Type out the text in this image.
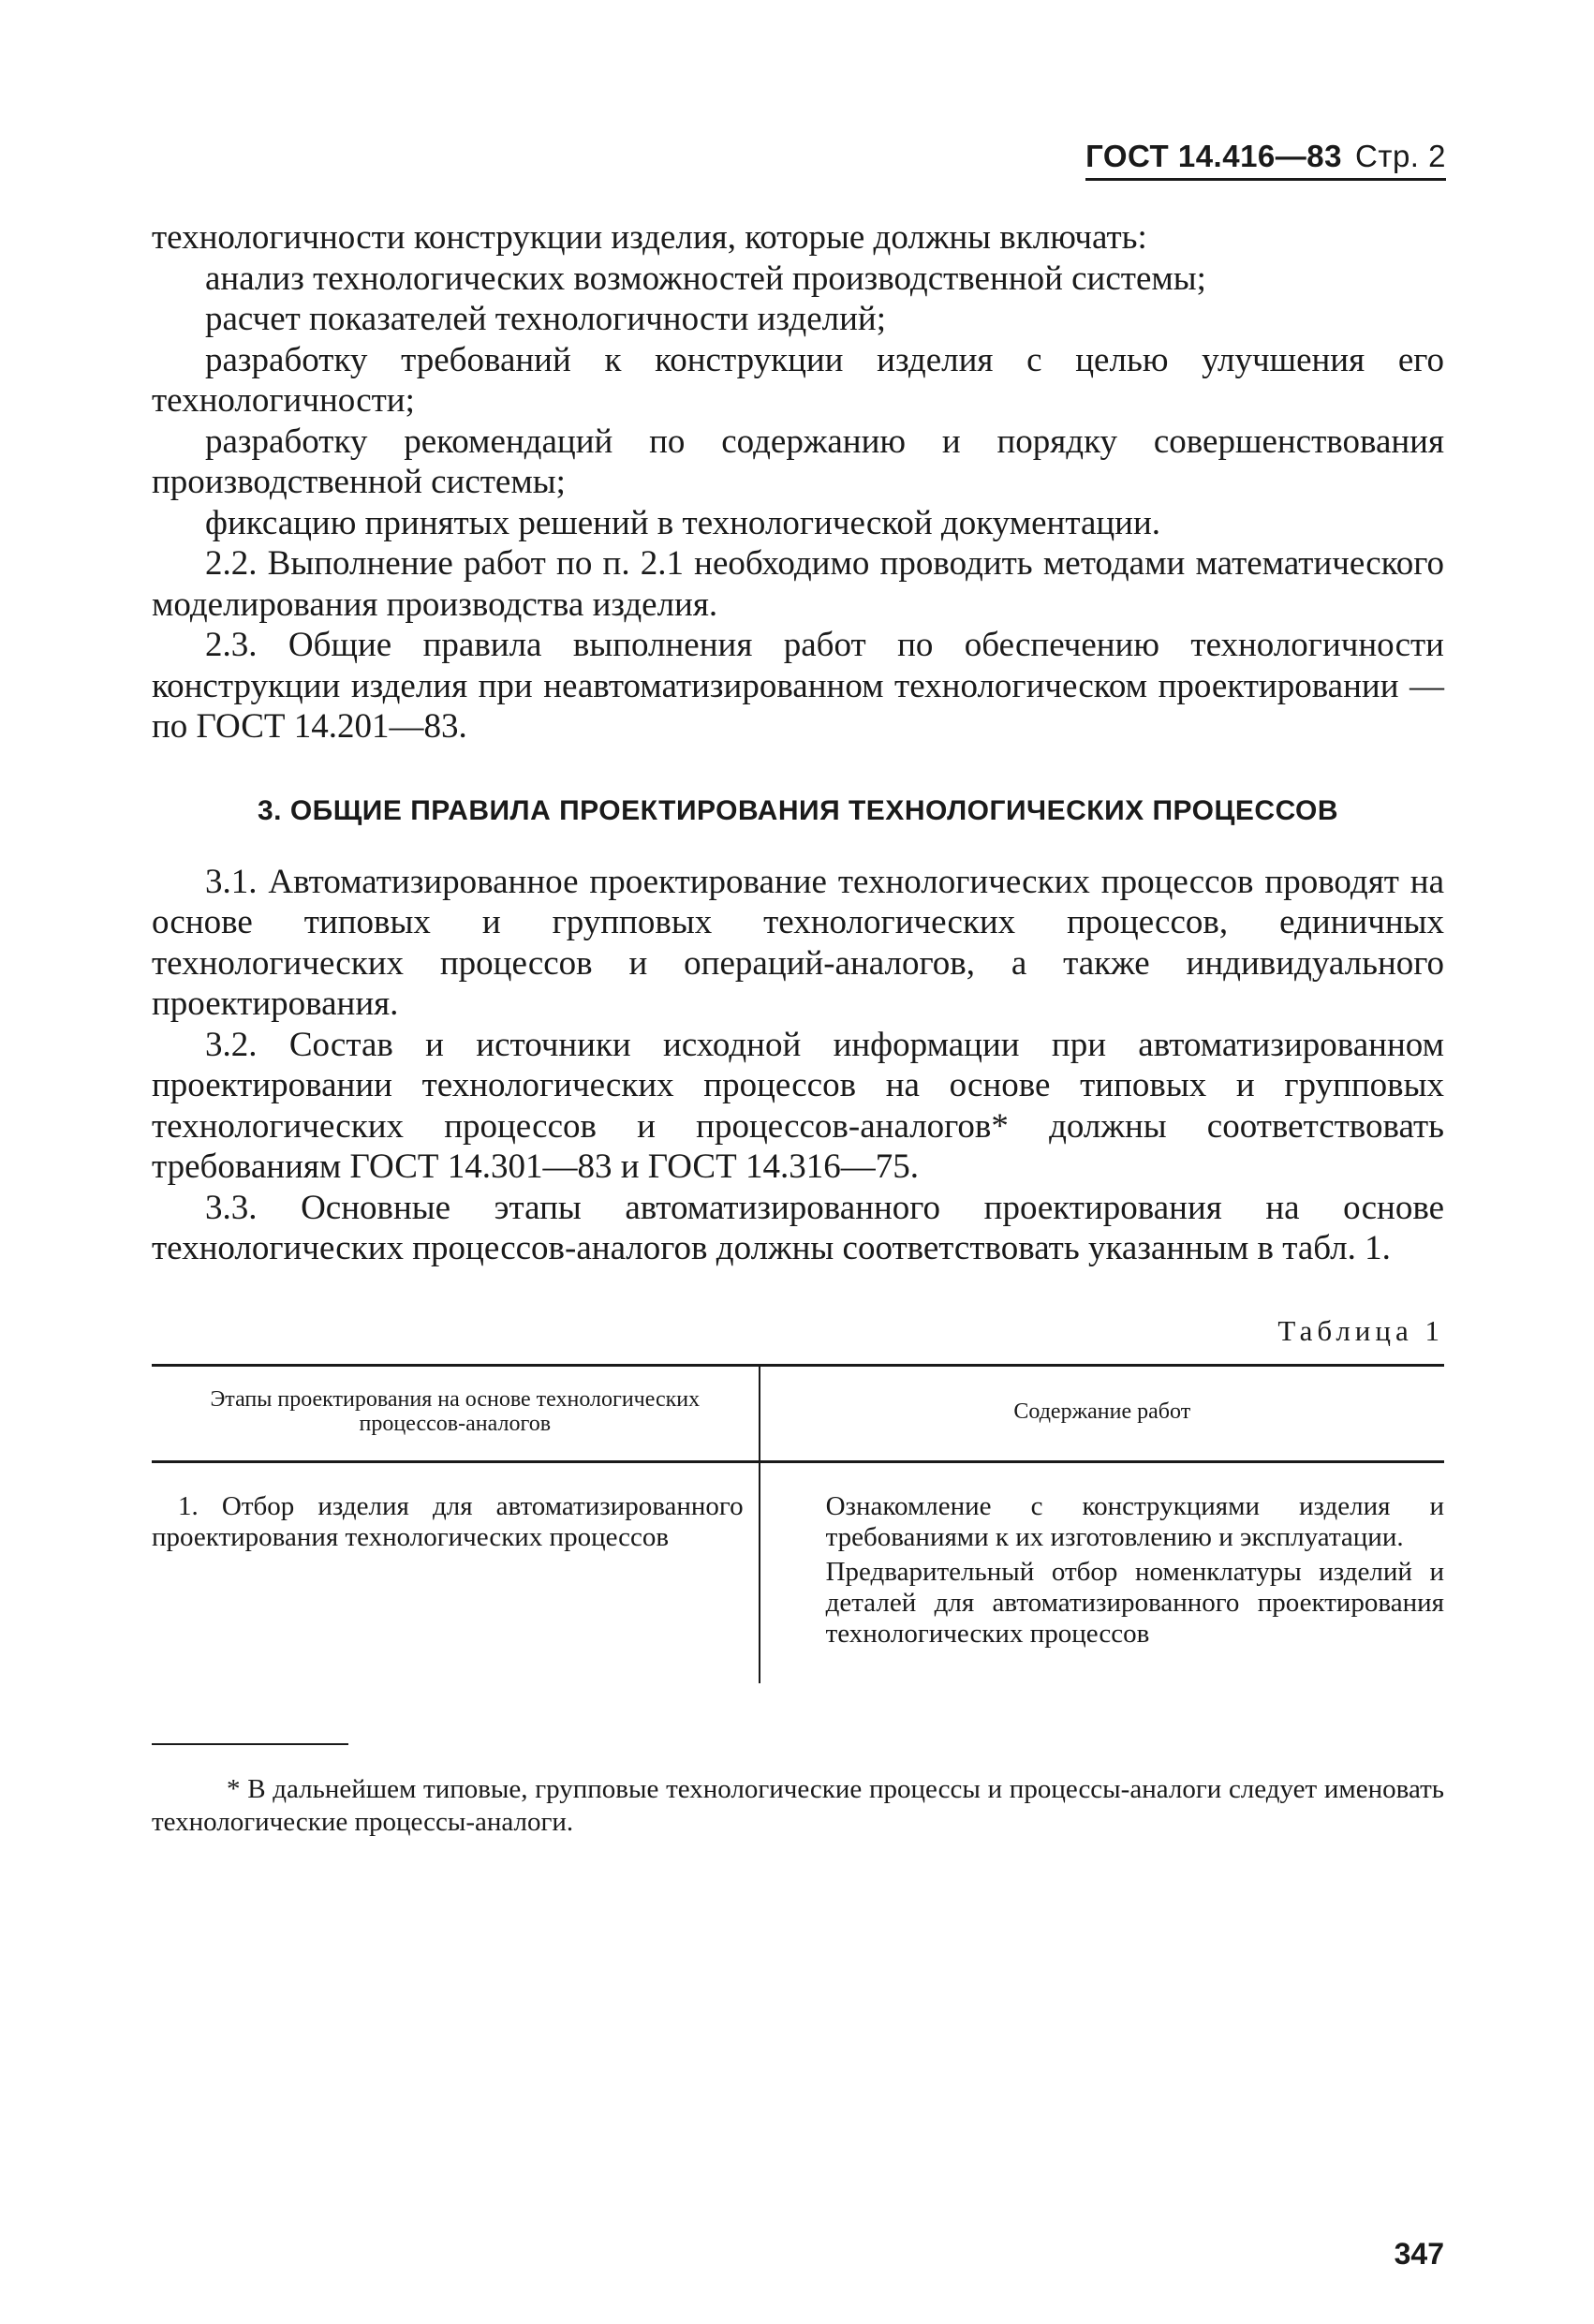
ГОСТ 14.416—83 Стр. 2

технологичности конструкции изделия, которые должны включать:

анализ технологических возможностей производственной системы;

расчет показателей технологичности изделий;

разработку требований к конструкции изделия с целью улучшения его технологичности;

разработку рекомендаций по содержанию и порядку совершенствования производственной системы;

фиксацию принятых решений в технологической документации.

2.2. Выполнение работ по п. 2.1 необходимо проводить методами математического моделирования производства изделия.

2.3. Общие правила выполнения работ по обеспечению технологичности конструкции изделия при неавтоматизированном технологическом проектировании — по ГОСТ 14.201—83.

3. ОБЩИЕ ПРАВИЛА ПРОЕКТИРОВАНИЯ ТЕХНОЛОГИЧЕСКИХ ПРОЦЕССОВ

3.1. Автоматизированное проектирование технологических процессов проводят на основе типовых и групповых технологических процессов, единичных технологических процессов и операций-аналогов, а также индивидуального проектирования.

3.2. Состав и источники исходной информации при автоматизированном проектировании технологических процессов на основе типовых и групповых технологических процессов и процессов-аналогов* должны соответствовать требованиям ГОСТ 14.301—83 и ГОСТ 14.316—75.

3.3. Основные этапы автоматизированного проектирования на основе технологических процессов-аналогов должны соответствовать указанным в табл. 1.

Таблица 1
Этапы проектирования на основе технологических процессов-аналогов	Содержание работ
1. Отбор изделия для автоматизированного проектирования технологических процессов	Ознакомление с конструкциями изделия и требованиями к их изготовлению и эксплуатации.

Предварительный отбор номенклатуры изделий и деталей для автоматизированного проектирования технологических процессов

* В дальнейшем типовые, групповые технологические процессы и процессы-аналоги следует именовать технологические процессы-аналоги.
347
